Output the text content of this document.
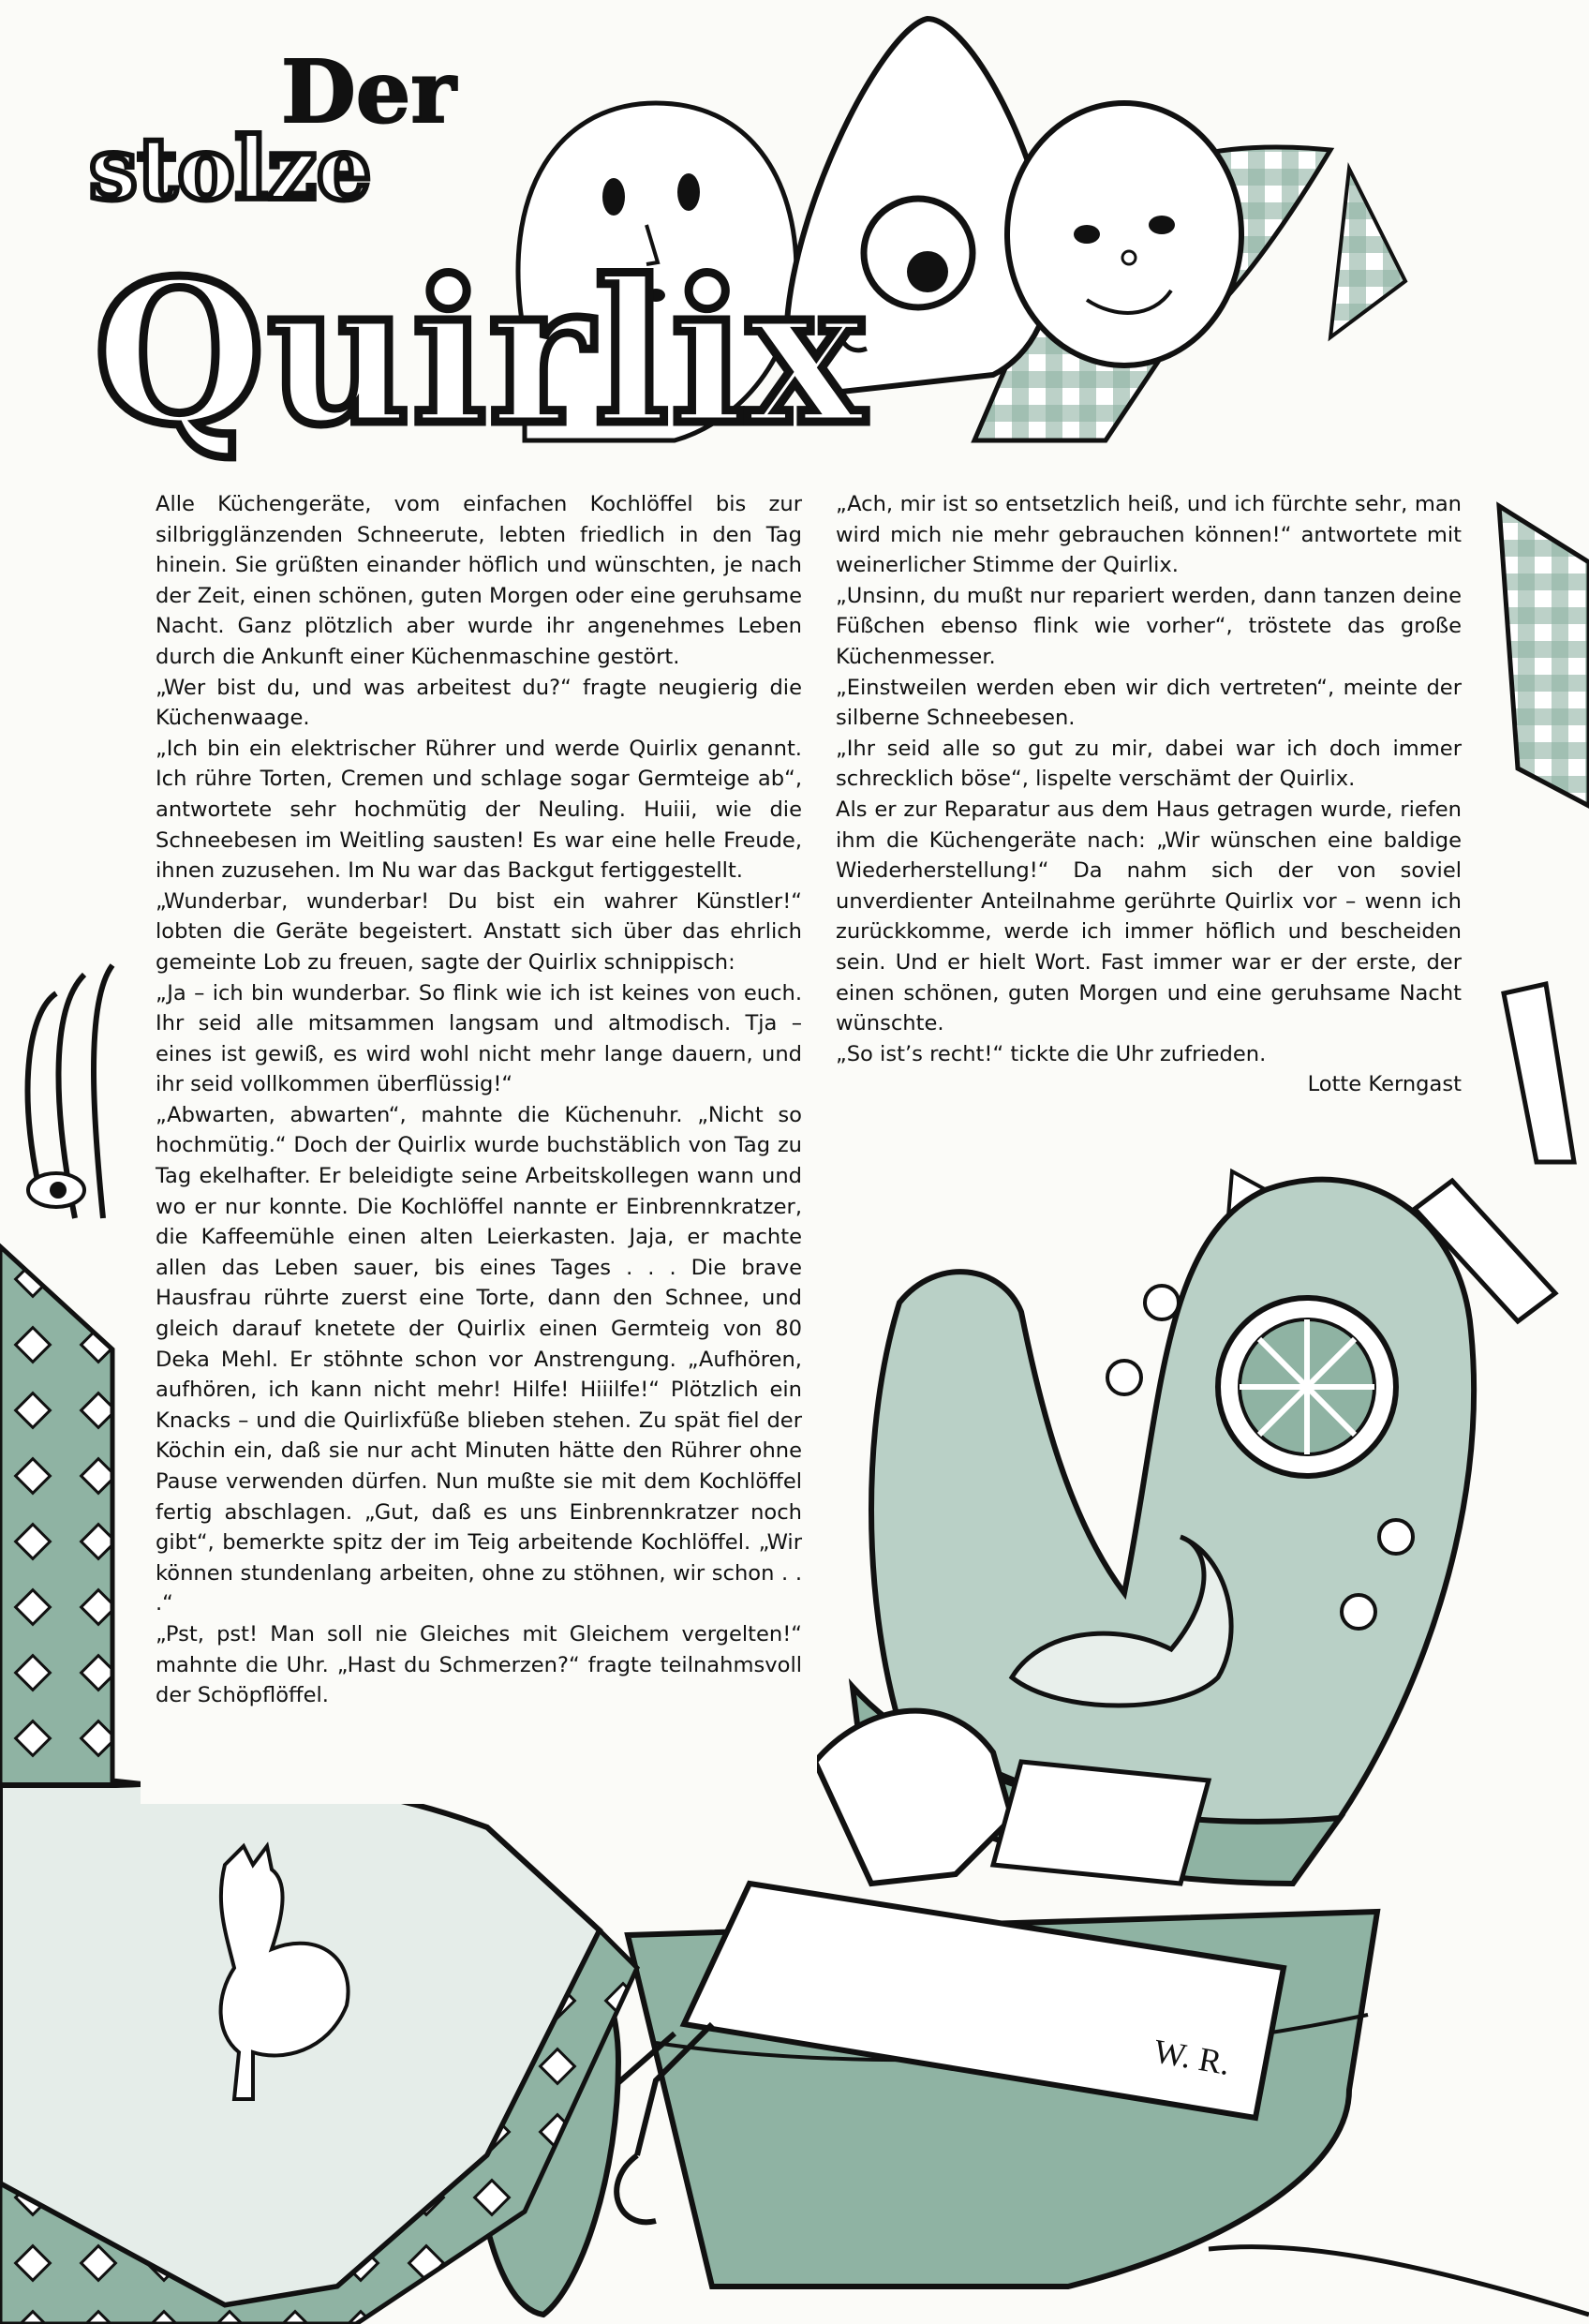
W. R.
Der
stolze
Quirlix

Alle Küchengeräte, vom einfachen Kochlöffel bis zur silbrigglänzenden Schneerute, lebten friedlich in den Tag hinein. Sie grüßten einander höflich und wünschten, je nach der Zeit, einen schönen, guten Morgen oder eine geruhsame Nacht. Ganz plötzlich aber wurde ihr angenehmes Leben durch die Ankunft einer Küchenmaschine gestört.

„Wer bist du, und was arbeitest du?“ fragte neugierig die Küchenwaage.

„Ich bin ein elektrischer Rührer und werde Quirlix genannt. Ich rühre Torten, Cremen und schlage sogar Germteige ab“, antwortete sehr hochmütig der Neuling. Huiii, wie die Schneebesen im Weitling sausten! Es war eine helle Freude, ihnen zuzusehen. Im Nu war das Backgut fertiggestellt.

„Wunderbar, wunderbar! Du bist ein wahrer Künstler!“ lobten die Geräte begeistert. Anstatt sich über das ehrlich gemeinte Lob zu freuen, sagte der Quirlix schnippisch:

„Ja – ich bin wunderbar. So flink wie ich ist keines von euch. Ihr seid alle mitsammen langsam und altmodisch. Tja – eines ist gewiß, es wird wohl nicht mehr lange dauern, und ihr seid vollkommen überflüssig!“

„Abwarten, abwarten“, mahnte die Küchenuhr. „Nicht so hochmütig.“ Doch der Quirlix wurde buchstäblich von Tag zu Tag ekelhafter. Er beleidigte seine Arbeitskollegen wann und wo er nur konnte. Die Kochlöffel nannte er Einbrennkratzer, die Kaffeemühle einen alten Leierkasten. Jaja, er machte allen das Leben sauer, bis eines Tages . . . Die brave Hausfrau rührte zuerst eine Torte, dann den Schnee, und gleich darauf knetete der Quirlix einen Germteig von 80 Deka Mehl. Er stöhnte schon vor Anstrengung. „Aufhören, aufhören, ich kann nicht mehr! Hilfe! Hiiilfe!“ Plötzlich ein Knacks – und die Quirlixfüße blieben stehen. Zu spät fiel der Köchin ein, daß sie nur acht Minuten hätte den Rührer ohne Pause verwenden dürfen. Nun mußte sie mit dem Kochlöffel fertig abschlagen. „Gut, daß es uns Einbrennkratzer noch gibt“, bemerkte spitz der im Teig arbeitende Kochlöffel. „Wir können stundenlang arbeiten, ohne zu stöhnen, wir schon . . .“

„Pst, pst! Man soll nie Gleiches mit Gleichem vergelten!“ mahnte die Uhr. „Hast du Schmerzen?“ fragte teilnahmsvoll der Schöpflöffel.

„Ach, mir ist so entsetzlich heiß, und ich fürchte sehr, man wird mich nie mehr gebrauchen können!“ antwortete mit weinerlicher Stimme der Quirlix.

„Unsinn, du mußt nur repariert werden, dann tanzen deine Füßchen ebenso flink wie vorher“, tröstete das große Küchenmesser.

„Einstweilen werden eben wir dich vertreten“, meinte der silberne Schneebesen.

„Ihr seid alle so gut zu mir, dabei war ich doch immer schrecklich böse“, lispelte verschämt der Quirlix.

Als er zur Reparatur aus dem Haus getragen wurde, riefen ihm die Küchengeräte nach: „Wir wünschen eine baldige Wiederherstellung!“ Da nahm sich der von soviel unverdienter Anteilnahme gerührte Quirlix vor – wenn ich zurückkomme, werde ich immer höflich und bescheiden sein. Und er hielt Wort. Fast immer war er der erste, der einen schönen, guten Morgen und eine geruhsame Nacht wünschte.

„So ist’s recht!“ tickte die Uhr zufrieden.

Lotte Kerngast
